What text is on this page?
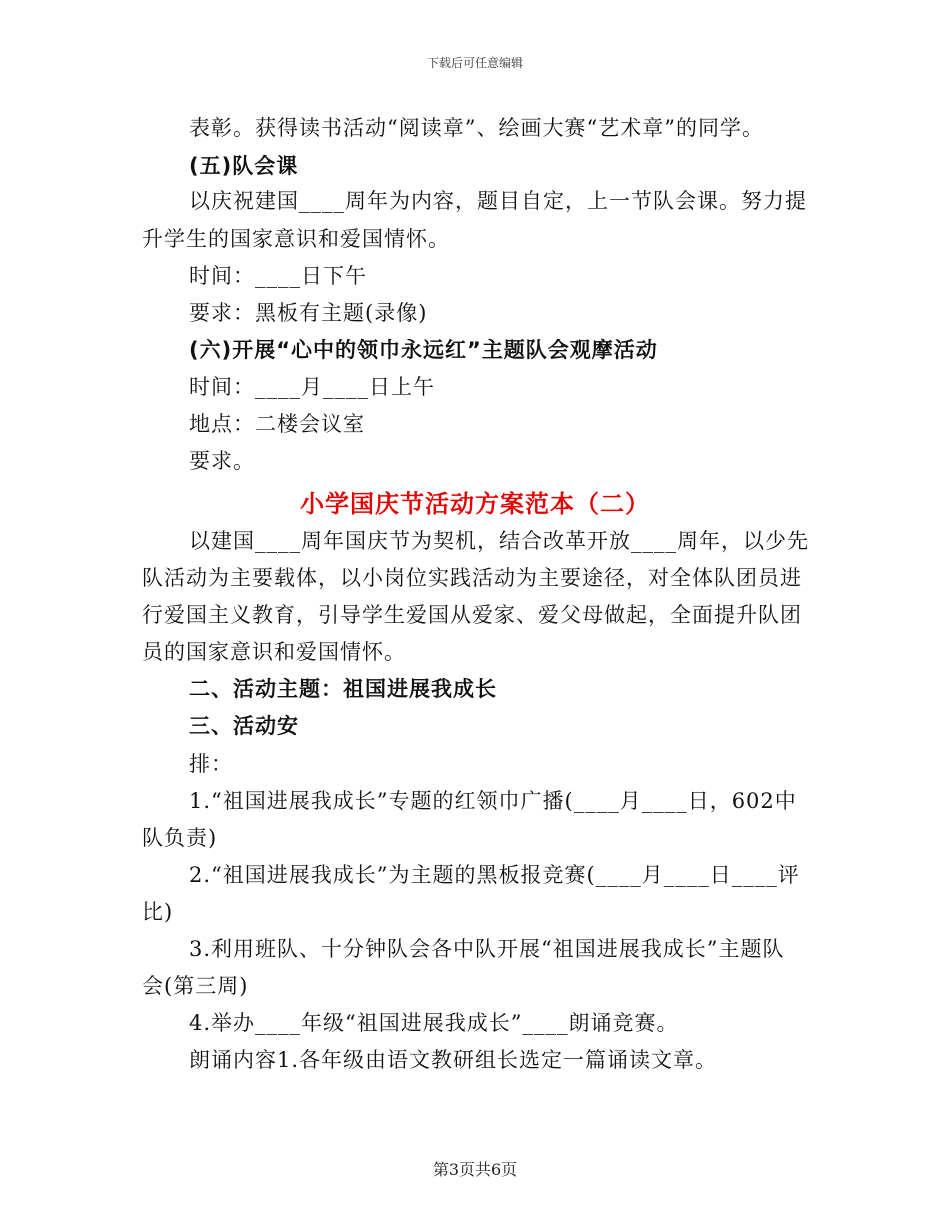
下载后可任意编辑
表彰。获得读书活动“阅读章”、绘画大赛“艺术章”的同学。
(五)队会课
以庆祝建国____周年为内容，题目自定，上一节队会课。努力提
升学生的国家意识和爱国情怀。
时间：____日下午
要求：黑板有主题(录像)
(六)开展“心中的领巾永远红”主题队会观摩活动
时间：____月____日上午
地点：二楼会议室
要求。
小学国庆节活动方案范本（二）
以建国____周年国庆节为契机，结合改革开放____周年，以少先
队活动为主要载体，以小岗位实践活动为主要途径，对全体队团员进
行爱国主义教育，引导学生爱国从爱家、爱父母做起，全面提升队团
员的国家意识和爱国情怀。
二、活动主题：祖国进展我成长
三、活动安
排：
1.“祖国进展我成长”专题的红领巾广播(____月____日，602中
队负责)
2.“祖国进展我成长”为主题的黑板报竞赛(____月____日____评
比)
3.利用班队、十分钟队会各中队开展“祖国进展我成长”主题队
会(第三周)
4.举办____年级“祖国进展我成长”____朗诵竞赛。
朗诵内容1.各年级由语文教研组长选定一篇诵读文章。
第3页共6页
